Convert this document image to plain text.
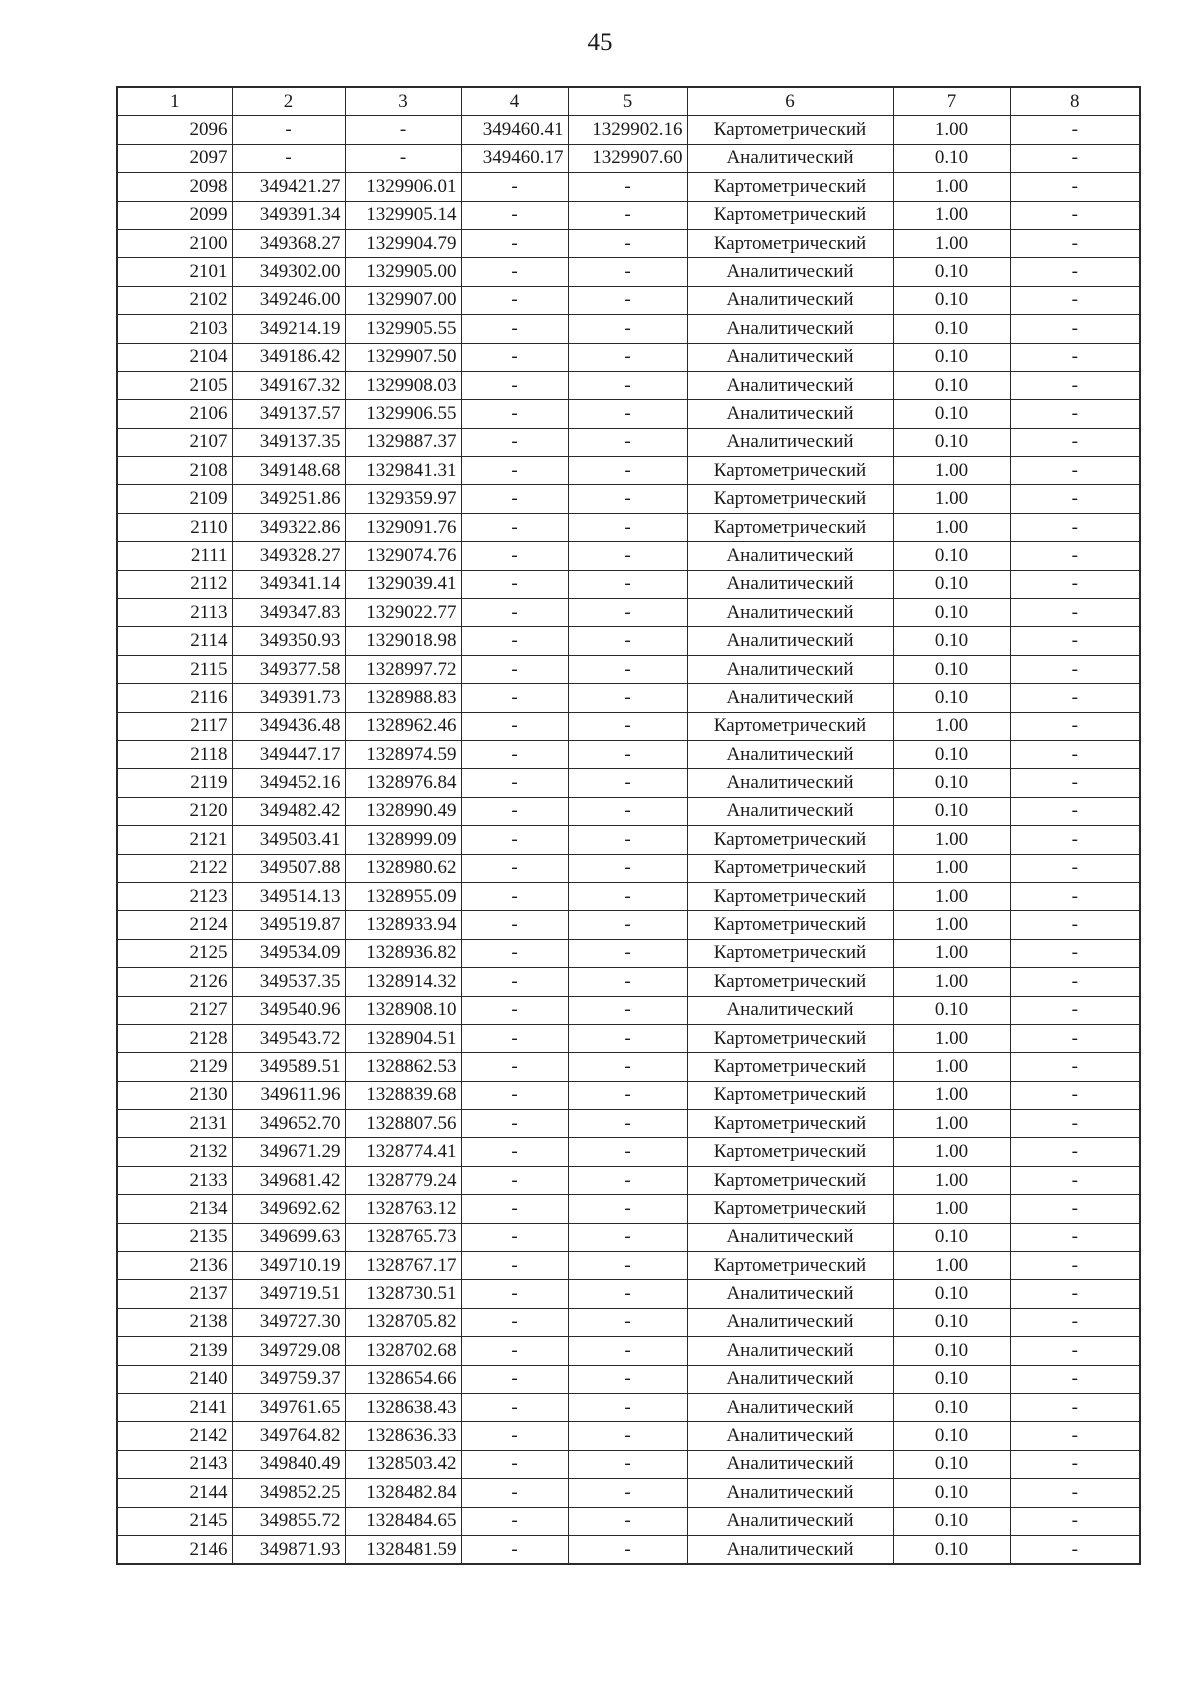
45
1	2	3	4	5	6	7	8
2096	-	-	349460.41	1329902.16	Картометрический	1.00	-
2097	-	-	349460.17	1329907.60	Аналитический	0.10	-
2098	349421.27	1329906.01	-	-	Картометрический	1.00	-
2099	349391.34	1329905.14	-	-	Картометрический	1.00	-
2100	349368.27	1329904.79	-	-	Картометрический	1.00	-
2101	349302.00	1329905.00	-	-	Аналитический	0.10	-
2102	349246.00	1329907.00	-	-	Аналитический	0.10	-
2103	349214.19	1329905.55	-	-	Аналитический	0.10	-
2104	349186.42	1329907.50	-	-	Аналитический	0.10	-
2105	349167.32	1329908.03	-	-	Аналитический	0.10	-
2106	349137.57	1329906.55	-	-	Аналитический	0.10	-
2107	349137.35	1329887.37	-	-	Аналитический	0.10	-
2108	349148.68	1329841.31	-	-	Картометрический	1.00	-
2109	349251.86	1329359.97	-	-	Картометрический	1.00	-
2110	349322.86	1329091.76	-	-	Картометрический	1.00	-
2111	349328.27	1329074.76	-	-	Аналитический	0.10	-
2112	349341.14	1329039.41	-	-	Аналитический	0.10	-
2113	349347.83	1329022.77	-	-	Аналитический	0.10	-
2114	349350.93	1329018.98	-	-	Аналитический	0.10	-
2115	349377.58	1328997.72	-	-	Аналитический	0.10	-
2116	349391.73	1328988.83	-	-	Аналитический	0.10	-
2117	349436.48	1328962.46	-	-	Картометрический	1.00	-
2118	349447.17	1328974.59	-	-	Аналитический	0.10	-
2119	349452.16	1328976.84	-	-	Аналитический	0.10	-
2120	349482.42	1328990.49	-	-	Аналитический	0.10	-
2121	349503.41	1328999.09	-	-	Картометрический	1.00	-
2122	349507.88	1328980.62	-	-	Картометрический	1.00	-
2123	349514.13	1328955.09	-	-	Картометрический	1.00	-
2124	349519.87	1328933.94	-	-	Картометрический	1.00	-
2125	349534.09	1328936.82	-	-	Картометрический	1.00	-
2126	349537.35	1328914.32	-	-	Картометрический	1.00	-
2127	349540.96	1328908.10	-	-	Аналитический	0.10	-
2128	349543.72	1328904.51	-	-	Картометрический	1.00	-
2129	349589.51	1328862.53	-	-	Картометрический	1.00	-
2130	349611.96	1328839.68	-	-	Картометрический	1.00	-
2131	349652.70	1328807.56	-	-	Картометрический	1.00	-
2132	349671.29	1328774.41	-	-	Картометрический	1.00	-
2133	349681.42	1328779.24	-	-	Картометрический	1.00	-
2134	349692.62	1328763.12	-	-	Картометрический	1.00	-
2135	349699.63	1328765.73	-	-	Аналитический	0.10	-
2136	349710.19	1328767.17	-	-	Картометрический	1.00	-
2137	349719.51	1328730.51	-	-	Аналитический	0.10	-
2138	349727.30	1328705.82	-	-	Аналитический	0.10	-
2139	349729.08	1328702.68	-	-	Аналитический	0.10	-
2140	349759.37	1328654.66	-	-	Аналитический	0.10	-
2141	349761.65	1328638.43	-	-	Аналитический	0.10	-
2142	349764.82	1328636.33	-	-	Аналитический	0.10	-
2143	349840.49	1328503.42	-	-	Аналитический	0.10	-
2144	349852.25	1328482.84	-	-	Аналитический	0.10	-
2145	349855.72	1328484.65	-	-	Аналитический	0.10	-
2146	349871.93	1328481.59	-	-	Аналитический	0.10	-
